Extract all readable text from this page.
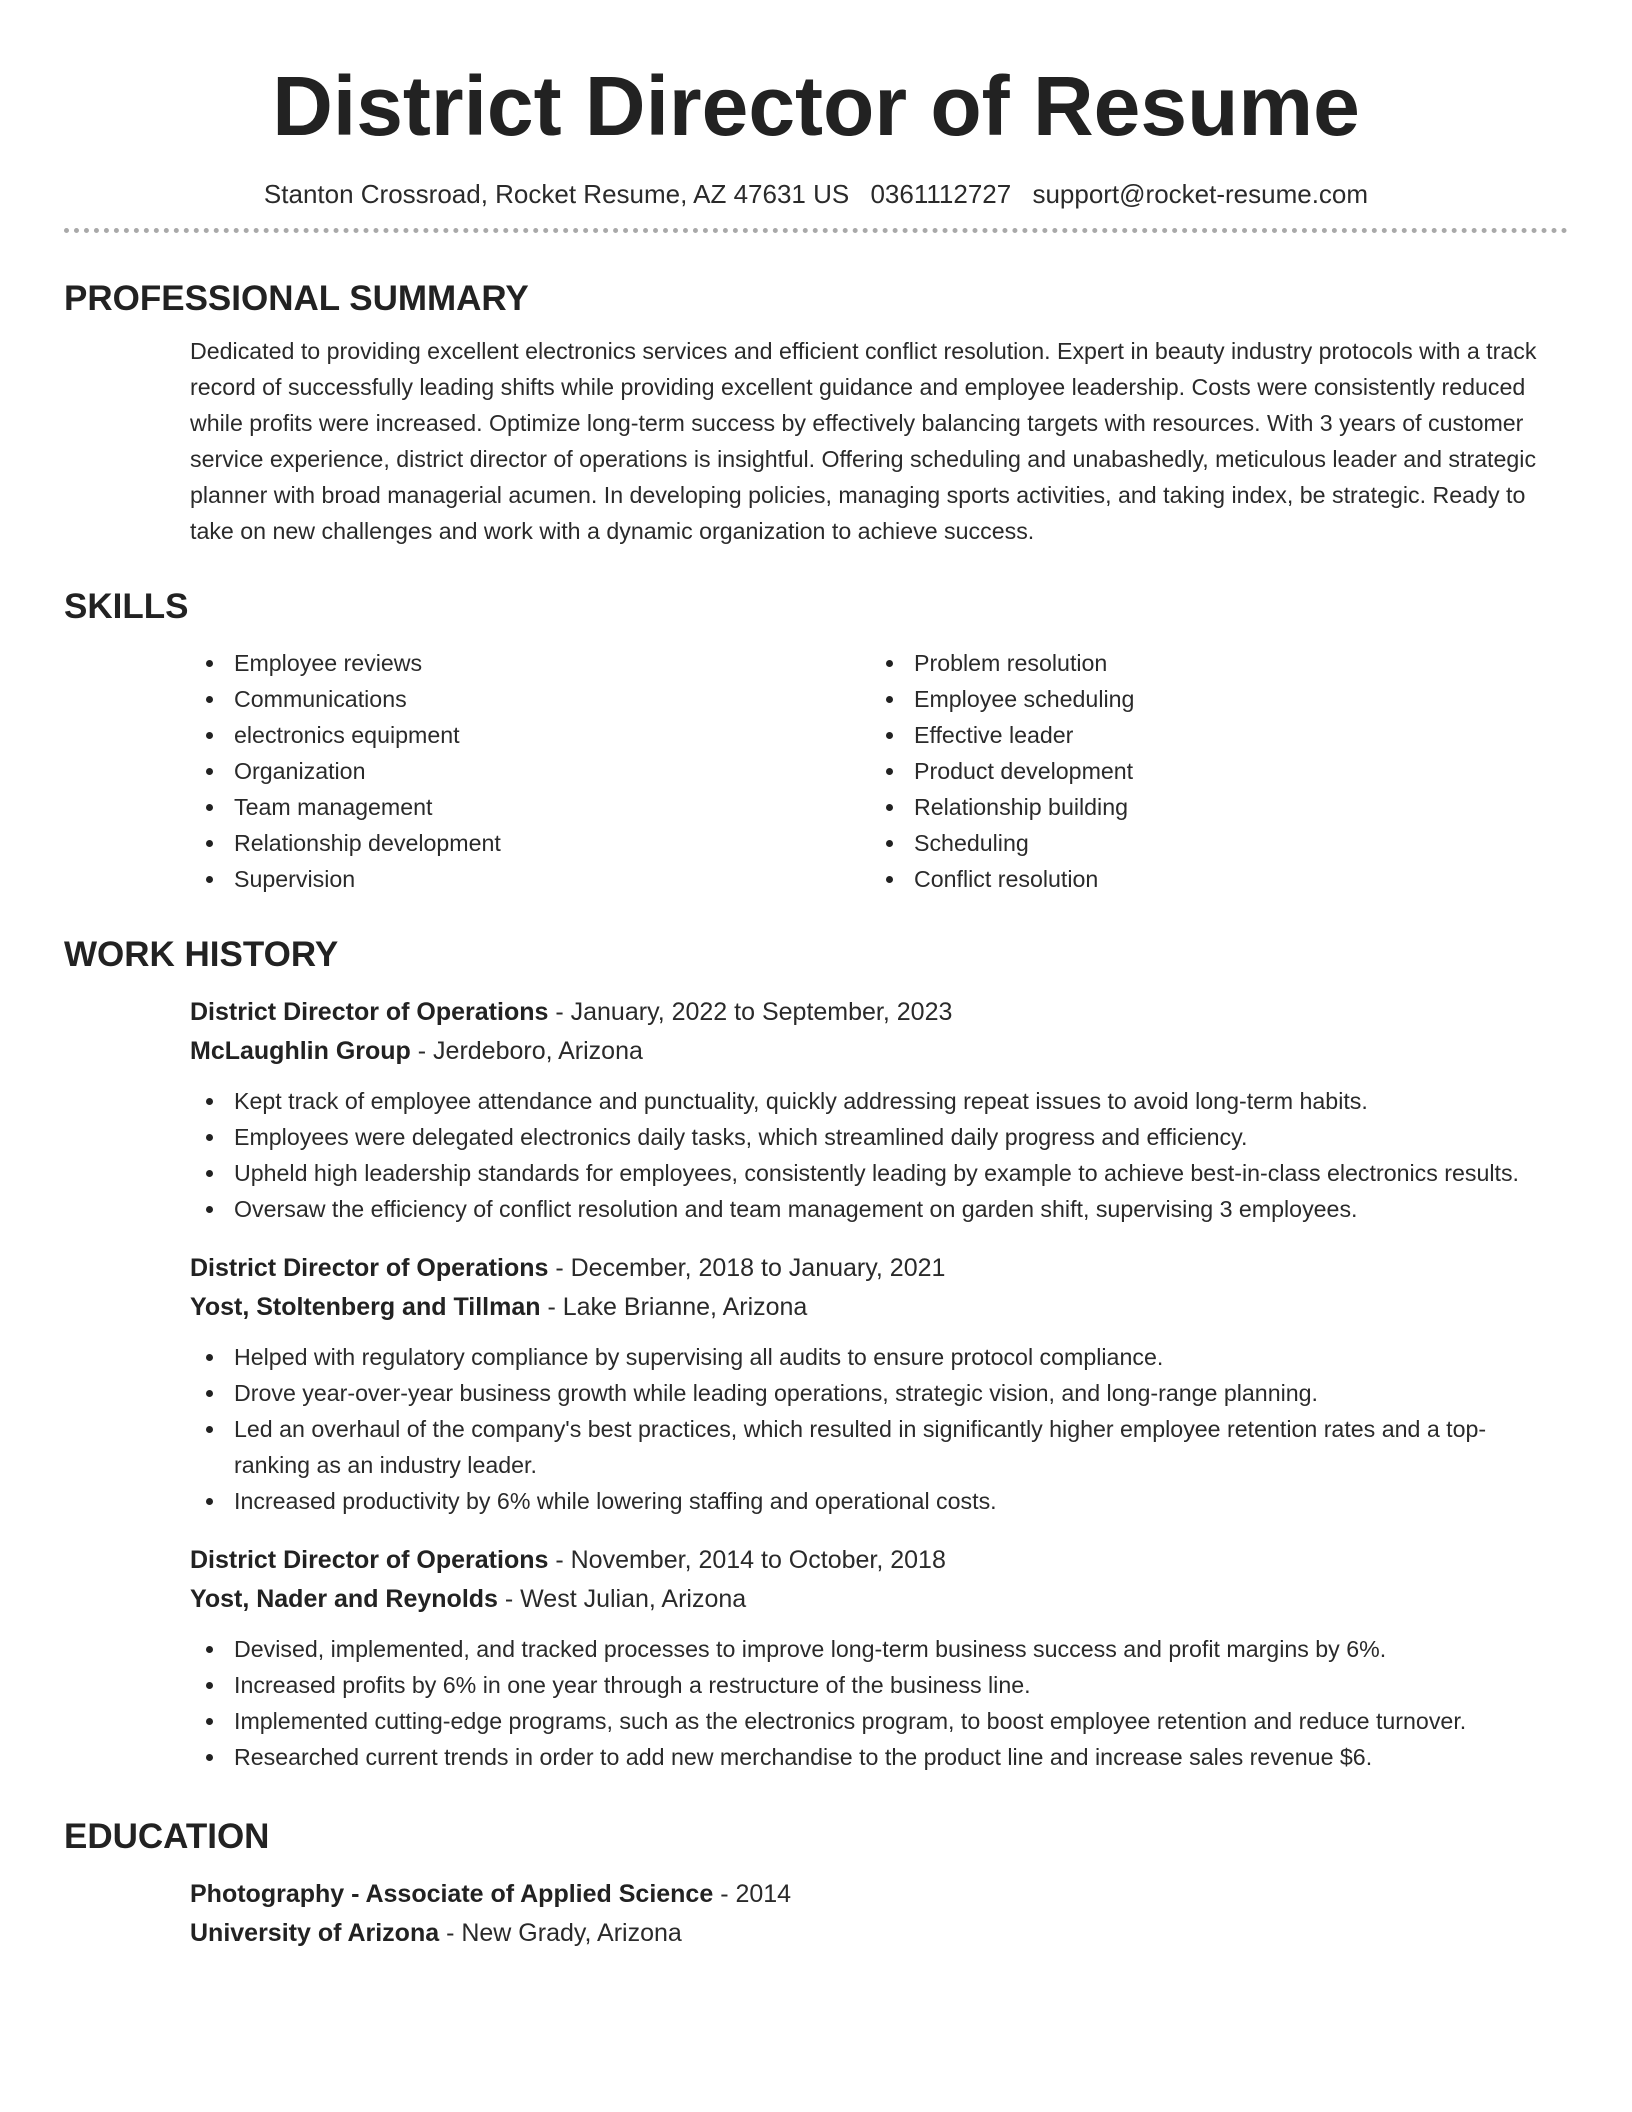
District Director of Resume
Stanton Crossroad, Rocket Resume, AZ 47631 US 0361112727 support@rocket-resume.com
PROFESSIONAL SUMMARY

Dedicated to providing excellent electronics services and efficient conflict resolution. Expert in beauty industry protocols with a track record of successfully leading shifts while providing excellent guidance and employee leadership. Costs were consistently reduced while profits were increased. Optimize long-term success by effectively balancing targets with resources. With 3 years of customer service experience, district director of operations is insightful. Offering scheduling and unabashedly, meticulous leader and strategic planner with broad managerial acumen. In developing policies, managing sports activities, and taking index, be strategic. Ready to take on new challenges and work with a dynamic organization to achieve success.

SKILLS
Employee reviews
Communications
electronics equipment
Organization
Team management
Relationship development
Supervision
Problem resolution
Employee scheduling
Effective leader
Product development
Relationship building
Scheduling
Conflict resolution
WORK HISTORY
District Director of Operations - January, 2022 to September, 2023
McLaughlin Group - Jerdeboro, Arizona
Kept track of employee attendance and punctuality, quickly addressing repeat issues to avoid long-term habits.
Employees were delegated electronics daily tasks, which streamlined daily progress and efficiency.
Upheld high leadership standards for employees, consistently leading by example to achieve best-in-class electronics results.
Oversaw the efficiency of conflict resolution and team management on garden shift, supervising 3 employees.
District Director of Operations - December, 2018 to January, 2021
Yost, Stoltenberg and Tillman - Lake Brianne, Arizona
Helped with regulatory compliance by supervising all audits to ensure protocol compliance.
Drove year-over-year business growth while leading operations, strategic vision, and long-range planning.
Led an overhaul of the company's best practices, which resulted in significantly higher employee retention rates and a top-ranking as an industry leader.
Increased productivity by 6% while lowering staffing and operational costs.
District Director of Operations - November, 2014 to October, 2018
Yost, Nader and Reynolds - West Julian, Arizona
Devised, implemented, and tracked processes to improve long-term business success and profit margins by 6%.
Increased profits by 6% in one year through a restructure of the business line.
Implemented cutting-edge programs, such as the electronics program, to boost employee retention and reduce turnover.
Researched current trends in order to add new merchandise to the product line and increase sales revenue $6.
EDUCATION
Photography - Associate of Applied Science - 2014
University of Arizona - New Grady, Arizona
